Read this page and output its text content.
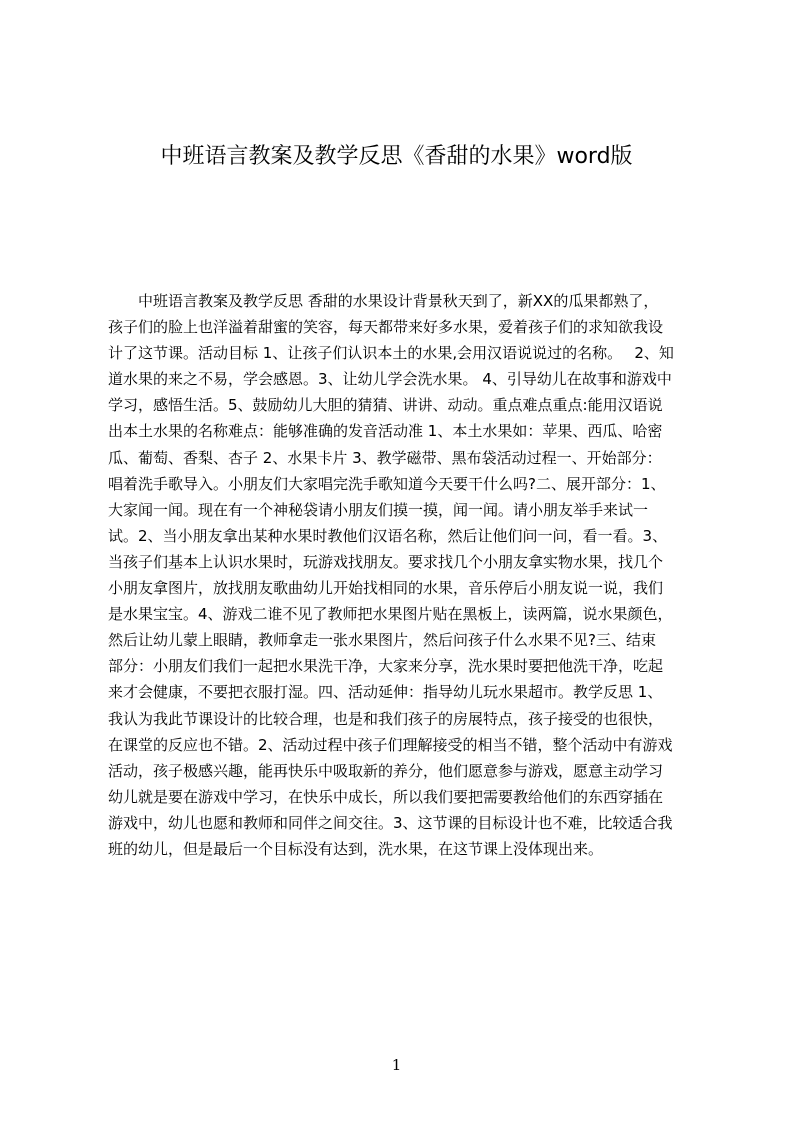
中班语言教案及教学反思《香甜的水果》word版
　　中班语言教案及教学反思 香甜的水果设计背景秋天到了，新XX的瓜果都熟了，
孩子们的脸上也洋溢着甜蜜的笑容，每天都带来好多水果，爱着孩子们的求知欲我设
计了这节课。活动目标 1、让孩子们认识本土的水果,会用汉语说说过的名称。　 2、知
道水果的来之不易，学会感恩。3、让幼儿学会洗水果。 4、引导幼儿在故事和游戏中
学习，感悟生活。5、鼓励幼儿大胆的猜猜、讲讲、动动。重点难点重点:能用汉语说
出本土水果的名称难点：能够准确的发音活动准 1、本土水果如：苹果、西瓜、哈密
瓜、葡萄、香梨、杏子 2、水果卡片 3、教学磁带、黑布袋活动过程一、开始部分：
唱着洗手歌导入。小朋友们大家唱完洗手歌知道今天要干什么吗?二、展开部分：1、
大家闻一闻。现在有一个神秘袋请小朋友们摸一摸，闻一闻。请小朋友举手来试一
试。2、当小朋友拿出某种水果时教他们汉语名称，然后让他们问一问，看一看。3、
当孩子们基本上认识水果时，玩游戏找朋友。要求找几个小朋友拿实物水果，找几个
小朋友拿图片，放找朋友歌曲幼儿开始找相同的水果，音乐停后小朋友说一说，我们
是水果宝宝。4、游戏二谁不见了教师把水果图片贴在黑板上，读两篇，说水果颜色，
然后让幼儿蒙上眼睛，教师拿走一张水果图片，然后问孩子什么水果不见?三、结束
部分：小朋友们我们一起把水果洗干净，大家来分享，洗水果时要把他洗干净，吃起
来才会健康，不要把衣服打湿。四、活动延伸：指导幼儿玩水果超市。教学反思 1、
我认为我此节课设计的比较合理，也是和我们孩子的房展特点，孩子接受的也很快，
在课堂的反应也不错。2、活动过程中孩子们理解接受的相当不错，整个活动中有游戏
活动，孩子极感兴趣，能再快乐中吸取新的养分，他们愿意参与游戏，愿意主动学习
幼儿就是要在游戏中学习，在快乐中成长，所以我们要把需要教给他们的东西穿插在
游戏中，幼儿也愿和教师和同伴之间交往。3、这节课的目标设计也不难，比较适合我
班的幼儿，但是最后一个目标没有达到，洗水果，在这节课上没体现出来。
1
